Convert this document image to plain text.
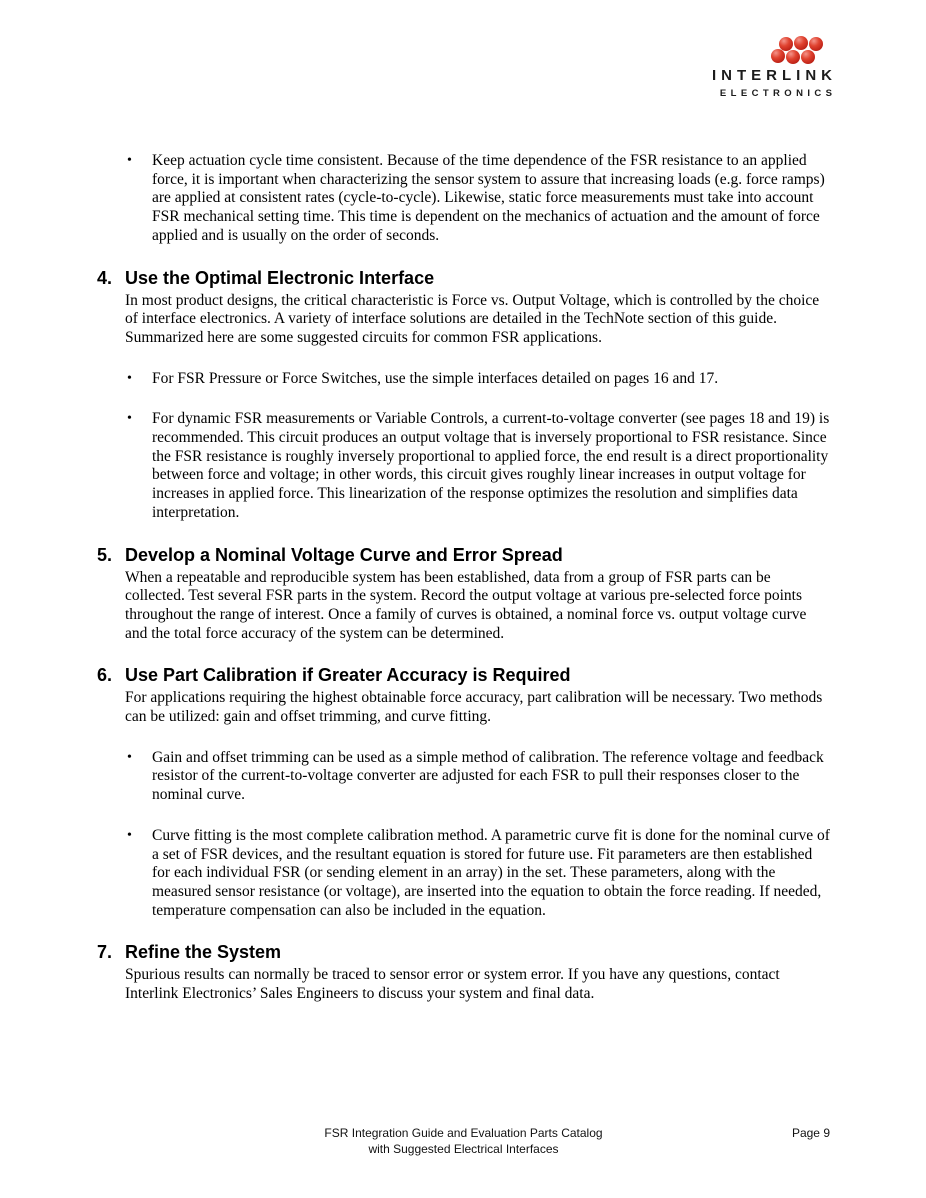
INTERLINK
ELECTRONICS
•	Keep actuation cycle time consistent. Because of the time dependence of the FSR resistance to an applied force, it is important when characterizing the sensor system to assure that increasing loads (e.g. force ramps) are applied at consistent rates (cycle-to-cycle). Likewise, static force measurements must take into account FSR mechanical setting time. This time is dependent on the mechanics of actuation and the amount of force applied and is usually on the order of seconds.
4. Use the Optimal Electronic Interface

In most product designs, the critical characteristic is Force vs. Output Voltage, which is controlled by the choice of interface electronics. A variety of interface solutions are detailed in the TechNote section of this guide. Summarized here are some suggested circuits for common FSR applications.

•	For FSR Pressure or Force Switches, use the simple interfaces detailed on pages 16 and 17.
•	For dynamic FSR measurements or Variable Controls, a current-to-voltage converter (see pages 18 and 19) is recommended. This circuit produces an output voltage that is inversely proportional to FSR resistance. Since the FSR resistance is roughly inversely proportional to applied force, the end result is a direct proportionality between force and voltage; in other words, this circuit gives roughly linear increases in output voltage for increases in applied force. This linearization of the response optimizes the resolution and simplifies data interpretation.
5. Develop a Nominal Voltage Curve and Error Spread

When a repeatable and reproducible system has been established, data from a group of FSR parts can be collected. Test several FSR parts in the system. Record the output voltage at various pre-selected force points throughout the range of interest. Once a family of curves is obtained, a nominal force vs. output voltage curve and the total force accuracy of the system can be determined.

6. Use Part Calibration if Greater Accuracy is Required

For applications requiring the highest obtainable force accuracy, part calibration will be necessary. Two methods can be utilized: gain and offset trimming, and curve fitting.

•	Gain and offset trimming can be used as a simple method of calibration. The reference voltage and feedback resistor of the current-to-voltage converter are adjusted for each FSR to pull their responses closer to the nominal curve.
•	Curve fitting is the most complete calibration method. A parametric curve fit is done for the nominal curve of a set of FSR devices, and the resultant equation is stored for future use. Fit parameters are then established for each individual FSR (or sending element in an array) in the set. These parameters, along with the measured sensor resistance (or voltage), are inserted into the equation to obtain the force reading. If needed, temperature compensation can also be included in the equation.
7. Refine the System

Spurious results can normally be traced to sensor error or system error. If you have any questions, contact Interlink Electronics’ Sales Engineers to discuss your system and final data.

FSR Integration Guide and Evaluation Parts Catalog
with Suggested Electrical Interfaces
Page 9
